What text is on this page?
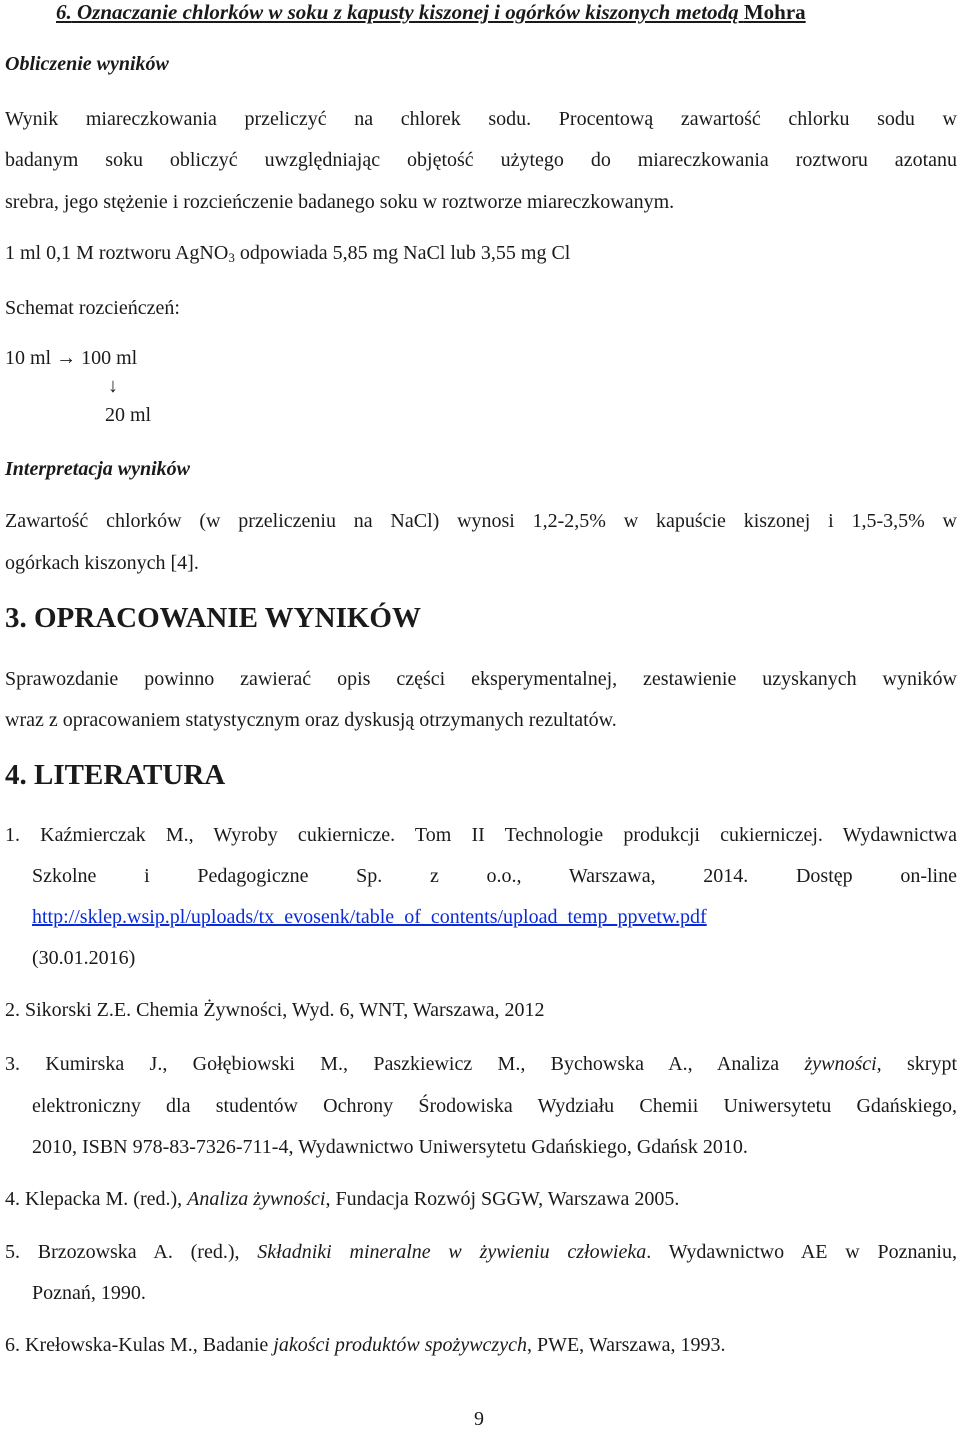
6. Oznaczanie chlorków w soku z kapusty kiszonej i ogórków kiszonych metodą Mohra
Obliczenie wyników
Wynik miareczkowania przeliczyć na chlorek sodu. Procentową zawartość chlorku sodu w
badanym soku obliczyć uwzględniając objętość użytego do miareczkowania roztworu azotanu
srebra, jego stężenie i rozcieńczenie badanego soku w roztworze miareczkowanym.
1 ml 0,1 M roztworu AgNO$_3$ odpowiada 5,85 mg NaCl lub 3,55 mg Cl
Schemat rozcieńczeń:
10 ml → 100 ml
↓
20 ml
Interpretacja wyników
Zawartość chlorków (w przeliczeniu na NaCl) wynosi 1,2-2,5% w kapuście kiszonej i 1,5-3,5% w
ogórkach kiszonych [4].
3. OPRACOWANIE WYNIKÓW
Sprawozdanie powinno zawierać opis części eksperymentalnej, zestawienie uzyskanych wyników
wraz z opracowaniem statystycznym oraz dyskusją otrzymanych rezultatów.
4. LITERATURA
1. Kaźmierczak M., Wyroby cukiernicze. Tom II Technologie produkcji cukierniczej. Wydawnictwa
Szkolne i Pedagogiczne Sp. z o.o., Warszawa, 2014. Dostęp on-line
http://sklep.wsip.pl/uploads/tx_evosenk/table_of_contents/upload_temp_ppvetw.pdf
(30.01.2016)
2. Sikorski Z.E. Chemia Żywności, Wyd. 6, WNT, Warszawa, 2012
3. Kumirska J., Gołębiowski M., Paszkiewicz M., Bychowska A., Analiza żywności, skrypt
elektroniczny dla studentów Ochrony Środowiska Wydziału Chemii Uniwersytetu Gdańskiego,
2010, ISBN 978-83-7326-711-4, Wydawnictwo Uniwersytetu Gdańskiego, Gdańsk 2010.
4. Klepacka M. (red.), Analiza żywności, Fundacja Rozwój SGGW, Warszawa 2005.
5. Brzozowska A. (red.), Składniki mineralne w żywieniu człowieka. Wydawnictwo AE w Poznaniu,
Poznań, 1990.
6. Krełowska-Kulas M., Badanie jakości produktów spożywczych, PWE, Warszawa, 1993.
9
